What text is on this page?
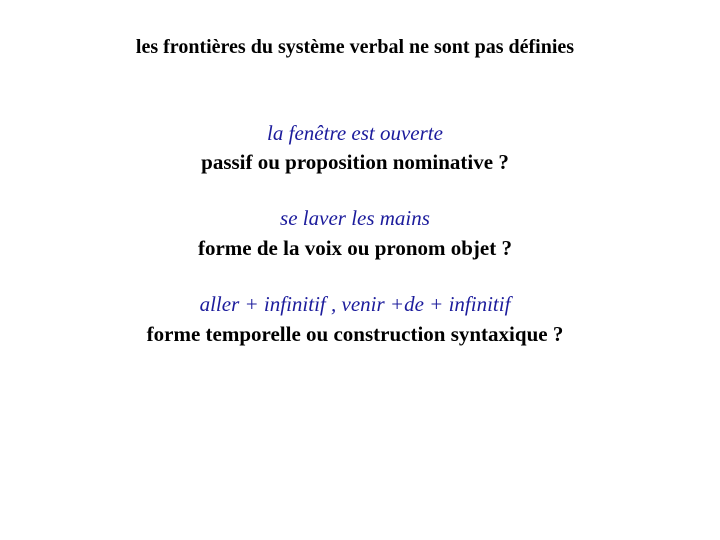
les frontières du système verbal ne sont pas définies
la fenêtre est ouverte
passif ou proposition nominative ?
se laver les mains
forme de la voix ou pronom objet ?
aller + infinitif , venir +de + infinitif
forme temporelle ou construction syntaxique ?
